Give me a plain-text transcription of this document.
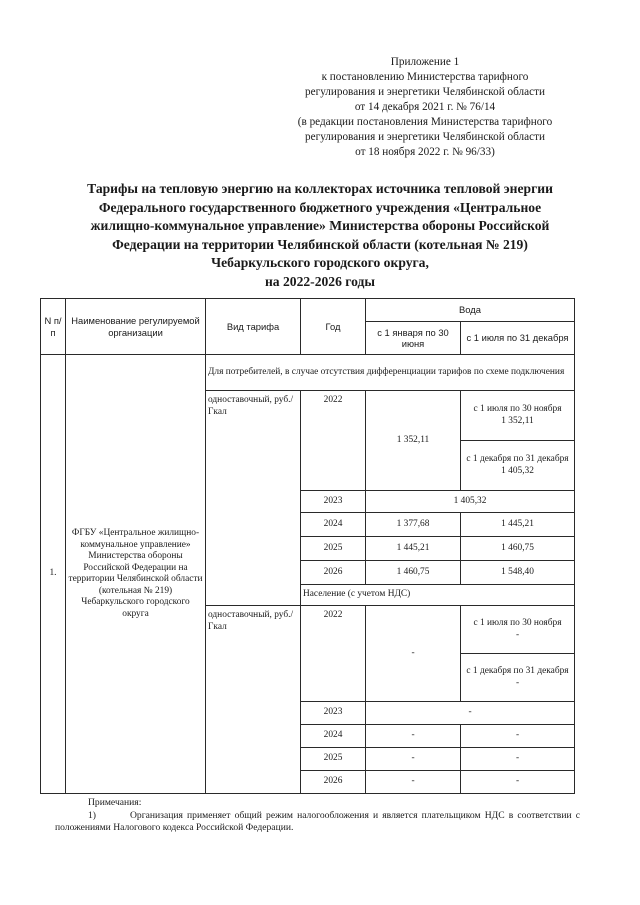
Приложение 1
к постановлению Министерства тарифного
регулирования и энергетики Челябинской области
от 14 декабря 2021 г. № 76/14
(в редакции постановления Министерства тарифного
регулирования и энергетики Челябинской области
от 18 ноября 2022 г. № 96/33)
Тарифы на тепловую энергию на коллекторах источника тепловой энергии
Федерального государственного бюджетного учреждения «Центральное
жилищно-коммунальное управление» Министерства обороны Российской
Федерации на территории Челябинской области (котельная № 219)
Чебаркульского городского округа,
на 2022-2026 годы
N п/п	Наименование регулируемой организации	Вид тарифа	Год	Вода	
				с 1 января по 30 июня	с 1 июля по 31 декабря
1.	ФГБУ «Центральное жилищно-коммунальное управление» Министерства обороны Российской Федерации на территории Челябинской области (котельная № 219) Чебаркульского городского округа	Для потребителей, в случае отсутствия дифференциации тарифов по схеме подключения			
		одноставочный, руб./Гкал	2022	1 352,11	с 1 июля по 30 ноября
1 352,11

					с 1 декабря по 31 декабря
1 405,32

			2023	1 405,32	
			2024	1 377,68	1 445,21
			2025	1 445,21	1 460,75
			2026	1 460,75	1 548,40
			Население (с учетом НДС)		
		одноставочный, руб./Гкал	2022	-	с 1 июля по 30 ноября
-

					с 1 декабря по 31 декабря
-

			2023	-	
			2024	-	-
			2025	-	-
			2026	-	-
Примечания:
1)	Организация применяет общий режим налогообложения и является плательщиком НДС в соответствии с положениями Налогового кодекса Российской Федерации.
